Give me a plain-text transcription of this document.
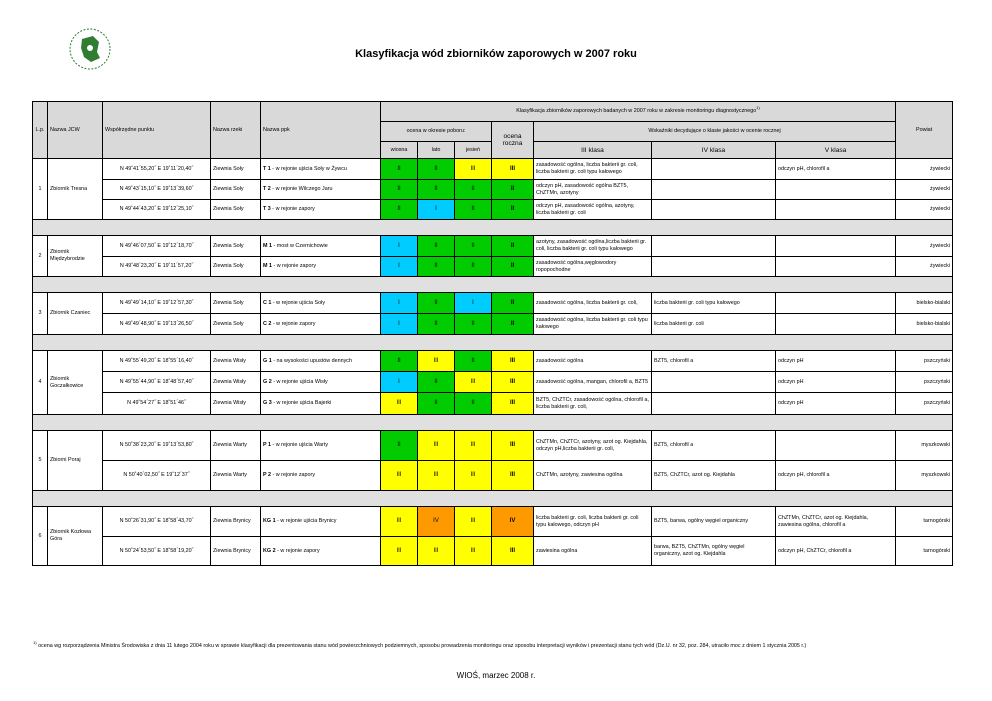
Klasyfikacja wód zbiorników zaporowych w 2007 roku
L.p.	Nazwa JCW	Współrzędne punktu	Nazwa rzeki	Nazwa ppk	Klasyfikacja zbiorników zaporowych badanych w 2007 roku w zakresie monitoringu diagnostycznego$^{1)}$							Powiat
					ocena w okresie poboru:			ocena roczna	Wskaźniki decydujące o klasie jakości w ocenie rocznej			
					wiosna	lato	jesień		III klasa	IV klasa	V klasa	
1	Zbiornik Tresna	N 49˚41΄55,20˝ E 19˚11΄20,40˝	Ziewnia Soły	T 1 - w rejonie ujścia Soły w Żywcu	II	II	III	III	zasadowość ogólna, liczba bakterii gr. coli, liczba bakterii gr. coli typu kałowego		odczyn pH, chlorofil a	żywiecki
		N 49˚43΄15,10˝ E 19˚13΄39,60˝	Ziewnia Soły	T 2 - w rejonie Wilczego Jaru	II	II	II	II	odczyn pH, zasadowość ogólna BZT5, ChZTMn, azotyny			żywiecki
		N 49˚44΄43,20˝ E 19˚12΄25,10˝	Ziewnia Soły	T 3 - w rejonie zapory	II	I	II	II	odczyn pH, zasadowość ogólna, azotyny, liczba bakterii gr. coli			żywiecki

2	Zbiornik Międzybrodzie	N 49˚46΄07,50˝ E 19˚12΄18,70˝	Ziewnia Soły	M 1 - most w Czernichowie	I	II	II	II	azotyny, zasadowość ogólna,liczba bakterii gr. coli, liczba bakterii gr. coli typu kałowego			żywiecki
		N 49˚48΄23,20˝ E 19˚11΄57,20˝	Ziewnia Soły	M 1 - w rejonie zapory	I	II	II	II	zasadowość ogólna,węglowodory ropopochodne			żywiecki

3	Zbiornik Czaniec	N 49˚49΄14,10˝ E 19˚12΄57,30˝	Ziewnia Soły	C 1 - w rejonie ujścia Soły	I	II	I	II	zasadowość ogólna, liczba bakterii gr. coli,	liczba bakterii gr. coli typu kałowego		bielsko-bialski
		N 49˚49΄48,90˝ E 19˚13΄26,50˝	Ziewnia Soły	C 2 - w rejonie zapory	I	II	II	II	zasadowość ogólna, liczba bakterii gr. coli typu kałowego	liczba bakterii gr. coli		bielsko-bialski

4	Zbiornik Goczałkowice	N 49˚55΄49,20˝ E 18˚55΄16,40˝	Ziewnia Wisły	G 1 - na wysokości upustów dennych	II	III	II	III	zasadowość ogólna	BZT5, chlorofil a	odczyn pH	pszczyński
		N 49˚55΄44,90˝ E 18˚48΄57,40˝	Ziewnia Wisły	G 2 - w rejonie ujścia Wisły	I	II	III	III	zasadowość ogólna, mangan, chlorofil a, BZT5		odczyn pH	pszczyński
		N 49˚54΄27˝ E 18˚51΄46˝	Ziewnia Wisły	G 3 - w rejonie ujścia Bajerki	III	II	II	III	BZT5, ChZTCr, zasadowość ogólna, chlorofil a, liczba bakterii gr. coli,		odczyn pH	pszczyński

5	Zbiorni Poraj	N 50˚38΄23,20˝ E 19˚13΄53,80˝	Ziewnia Warty	P 1 - w rejonie ujścia Warty	II	III	III	III	ChZTMn, ChZTCr, azotyny, azot og. Kiejdahla, odczyn pH,liczba bakterii gr. coli,	BZT5, chlorofil a		myszkowski
		N 50˚40΄02,50˝ E 19˚12΄37˝	Ziewnia Warty	P 2 - w rejonie zapory	III	III	III	III	ChZTMn, azotyny, zawiesina ogólna	BZT5, ChZTCr, azot og. Kiejdahla	odczyn pH, chlorofil a	myszkowski

6	Zbiornik Kozłowa Góra	N 50˚26΄31,90˝ E 18˚58΄43,70˝	Ziewnia Brynicy	KG 1 - w rejonie ujścia Brynicy	III	IV	III	IV	liczba bakterii gr. coli, liczba bakterii gr. coli typu kałowego, odczyn pH	BZT5, barwa, ogólny węgiel organiczny	ChZTMn, ChZTCr, azot og. Kiejdahla, zawiesina ogólna, chlorofil a	tarnogórski
		N 50˚24΄53,50˝ E 18˚58΄19,20˝	Ziewnia Brynicy	KG 2 - w rejonie zapory	III	III	III	III	zawiesina ogólna	barwa, BZT5, ChZTMn, ogólny węgiel organiczny, azot og. Kiejdahla	odczyn pH, ChZTCr, chlorofil a	tarnogórski
$^{1)}$ ocena wg rozporządzenia Ministra Środowiska z dnia 11 lutego 2004 roku w sprawie klasyfikacji dla prezentowania stanu wód powierzchniowych podziemnych, sposobu prowadzenia monitoringu oraz sposobu interpretacji wyników i prezentacji stanu tych wód (Dz.U. nr 32, poz. 284, utraciło moc z dniem 1 stycznia 2005 r.)
WIOŚ, marzec 2008 r.
